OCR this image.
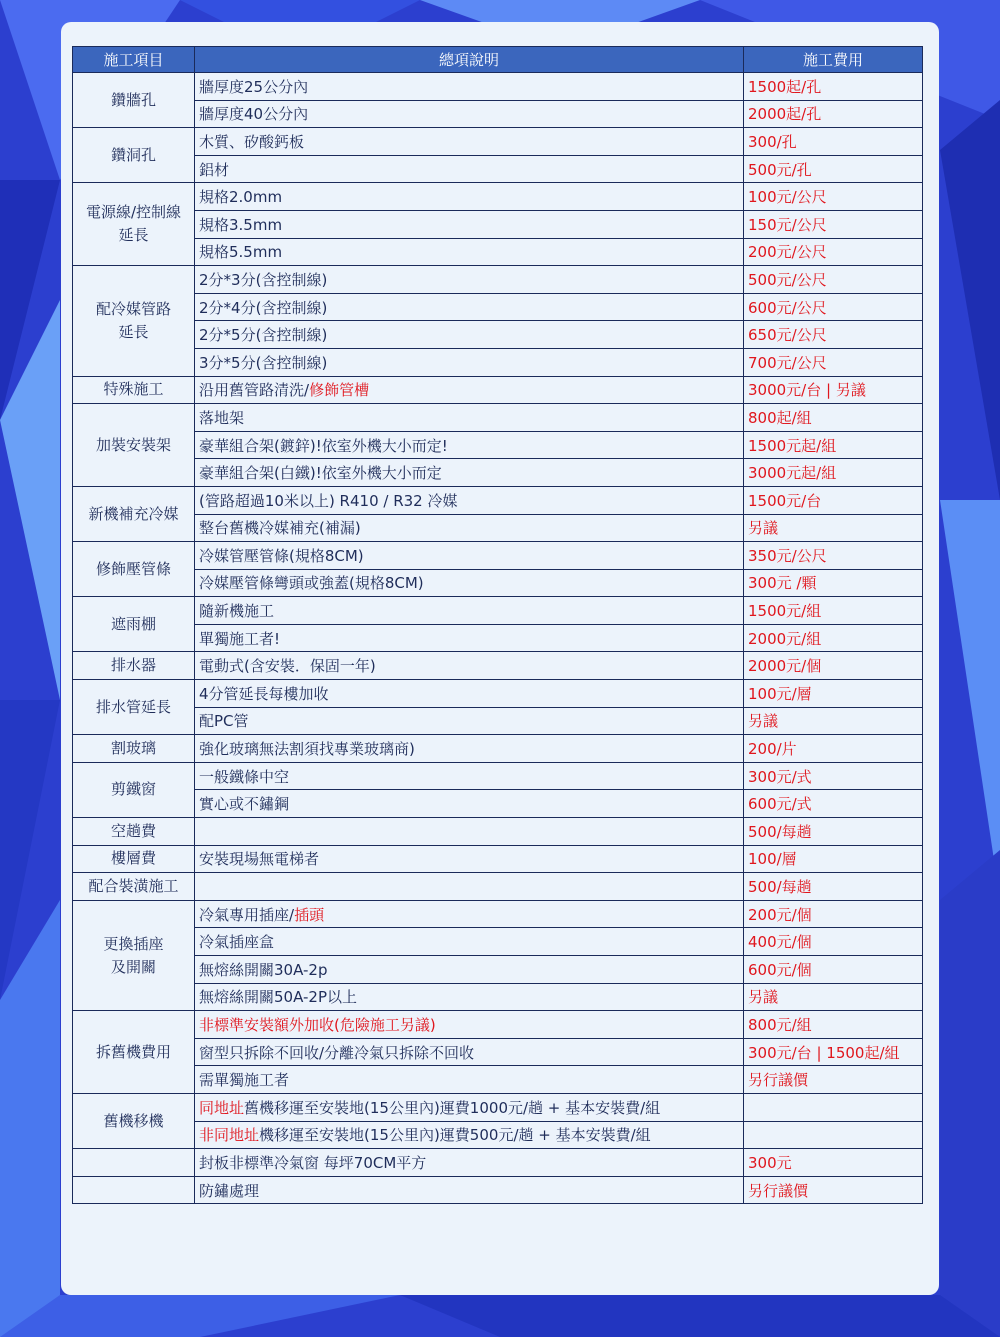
施工項目	總項說明	施工費用
鑽牆孔	牆厚度25公分內	1500起/孔
	牆厚度40公分內	2000起/孔
鑽洞孔	木質、矽酸鈣板	300/孔
	鋁材	500元/孔
電源線/控制線
延長	規格2.0mm	100元/公尺
	規格3.5mm	150元/公尺
	規格5.5mm	200元/公尺
配冷媒管路
延長	2分*3分(含控制線)	500元/公尺
	2分*4分(含控制線)	600元/公尺
	2分*5分(含控制線)	650元/公尺
	3分*5分(含控制線)	700元/公尺
特殊施工	沿用舊管路清洗/修飾管槽	3000元/台 | 另議
加裝安裝架	落地架	800起/組
	豪華組合架(鍍鋅)!依室外機大小而定!	1500元起/組
	豪華組合架(白鐵)!依室外機大小而定	3000元起/組
新機補充冷媒	(管路超過10米以上) R410 / R32 冷媒	1500元/台
	整台舊機冷媒補充(補漏)	另議
修飾壓管條	冷媒管壓管條(規格8CM)	350元/公尺
	冷媒壓管條彎頭或強蓋(規格8CM)	300元 /顆
遮雨棚	隨新機施工	1500元/組
	單獨施工者!	2000元/組
排水器	電動式(含安裝．保固一年)	2000元/個
排水管延長	4分管延長每樓加收	100元/層
	配PC管	另議
割玻璃	強化玻璃無法割須找專業玻璃商)	200/片
剪鐵窗	一般鐵條中空	300元/式
	實心或不鏽鋼	600元/式
空趟費		500/每趟
樓層費	安裝現場無電梯者	100/層
配合裝潢施工		500/每趟
更換插座
及開關	冷氣專用插座/插頭	200元/個
	冷氣插座盒	400元/個
	無熔絲開關30A-2p	600元/個
	無熔絲開關50A-2P以上	另議
拆舊機費用	非標準安裝額外加收(危險施工另議)	800元/組
	窗型只拆除不回收/分離冷氣只拆除不回收	300元/台 | 1500起/組
	需單獨施工者	另行議價
舊機移機	同地址舊機移運至安裝地(15公里內)運費1000元/趟 + 基本安裝費/組	
	非同地址機移運至安裝地(15公里內)運費500元/趟 + 基本安裝費/組	
	封板非標準冷氣窗 每坪70CM平方	300元
	防鏽處理	另行議價
